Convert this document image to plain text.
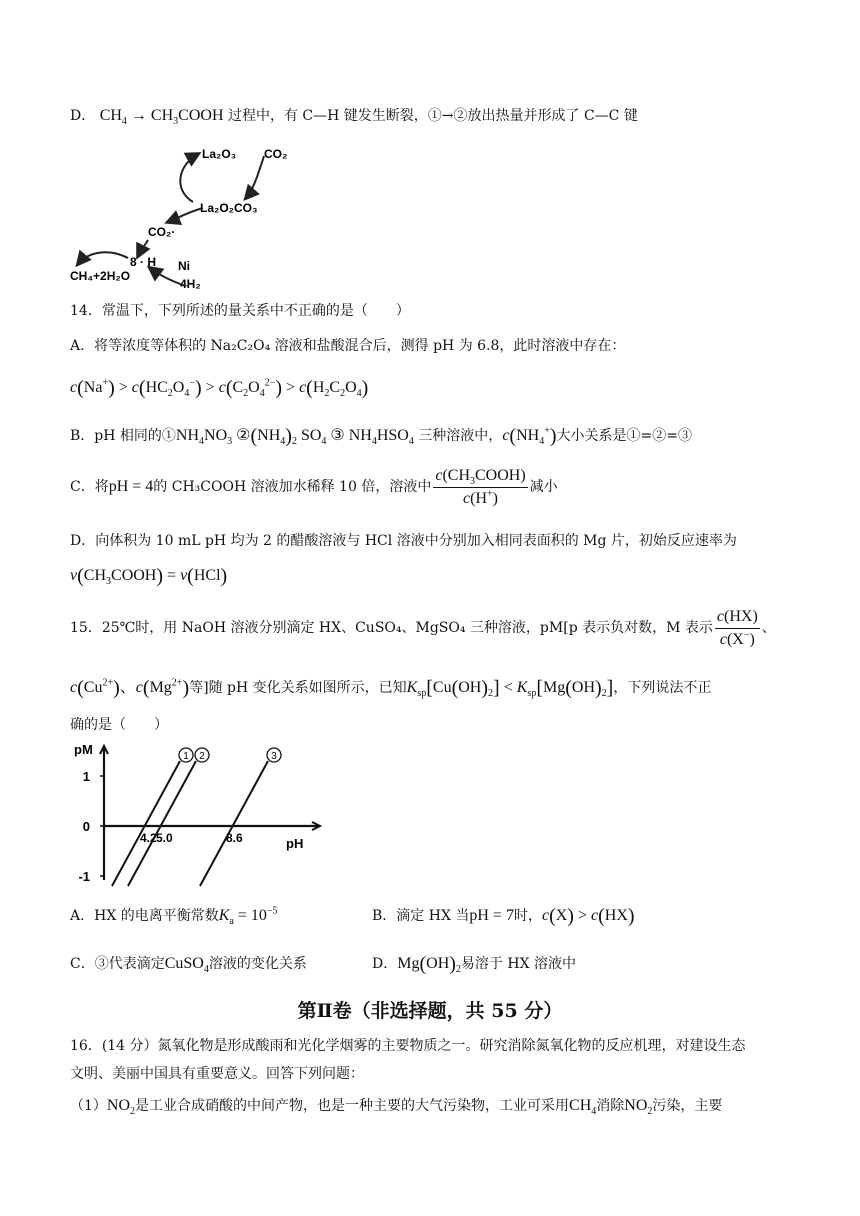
D． $CH_4$ → $CH_3COOH$ 过程中，有 C—H 键发生断裂，①→②放出热量并形成了 C—C 键
La₂O₃ CO₂
La₂O₂CO₃
CO₂·
8 · H Ni
4H₂
CH₄+2H₂O
14．常温下，下列所述的量关系中不正确的是（　　）
A．将等浓度等体积的 Na₂C₂O₄ 溶液和盐酸混合后，测得 pH 为 6.8，此时溶液中存在：
$c(Na^+) > c(HC_2O_4^-) > c(C_2O_4^{2-}) > c(H_2C_2O_4)$
B．pH 相同的$①NH_4NO_3$ $②(NH_4)_2$ $SO_4$ ③ $NH_4HSO_4$ 三种溶液中，$c(NH_4^+)$大小关系是①=②=③
C．将pH = 4的 CH₃COOH 溶液加水稀释 10 倍，溶液中 $\frac{c(CH_3COOH)}{c(H^+)}$ 减小
D．向体积为 10 mL pH 均为 2 的醋酸溶液与 HCl 溶液中分别加入相同表面积的 Mg 片，初始反应速率为
$v(CH_3COOH) = v(HCl)$
15．25℃时，用 NaOH 溶液分别滴定 HX、CuSO₄、MgSO₄ 三种溶液，pM[p 表示负对数，M 表示 $\frac{c(HX)}{c(X^-)}$ 、
$c(Cu^{2+})$、$c(Mg^{2+})$等]随 pH 变化关系如图所示，已知$K_{sp}[Cu(OH)_2] < K_{sp}[Mg(OH)_2]$，下列说法不正
确的是（　　）
pM
pH
1
0
-1
1
4.2
2
5.0
3
8.6
A．HX 的电离平衡常数$K_a = 10^{-5}$	B．滴定 HX 当pH = 7时，c(X) > c(HX)
C．③代表滴定CuSO$_4$溶液的变化关系	D．$Mg(OH)_2$易溶于 HX 溶液中
第Ⅱ卷（非选择题，共 55 分）
16．(14 分）氮氧化物是形成酸雨和光化学烟雾的主要物质之一。研究消除氮氧化物的反应机理，对建设生态
文明、美丽中国具有重要意义。回答下列问题：
$(1)NO_2$是工业合成硝酸的中间产物，也是一种主要的大气污染物，工业可采用$CH_4$消除$NO_2$污染，主要
